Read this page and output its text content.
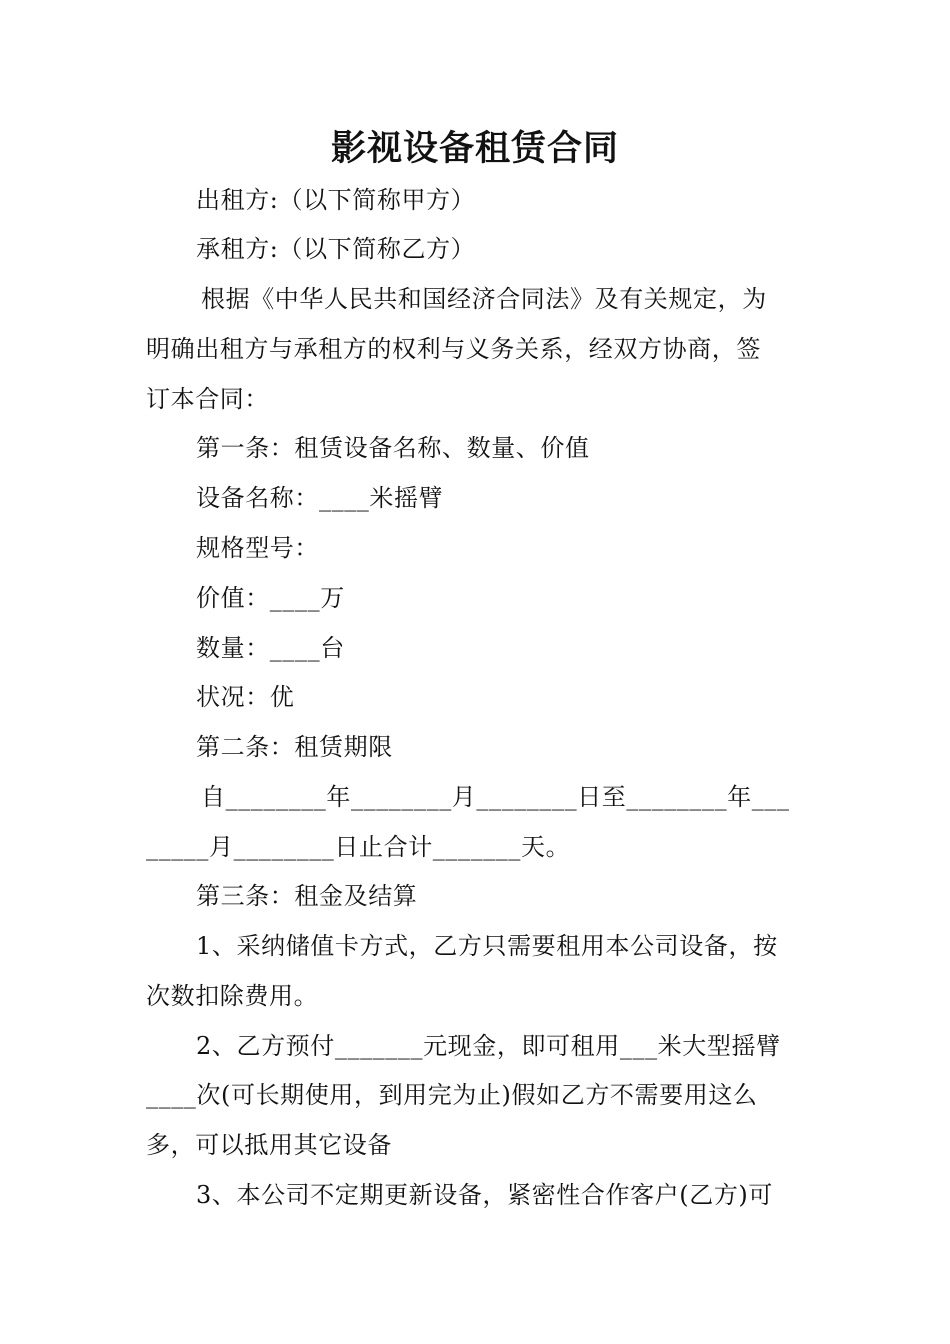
影视设备租赁合同
出租方:（以下简称甲方）
承租方:（以下简称乙方）
根据《中华人民共和国经济合同法》及有关规定，为
明确出租方与承租方的权利与义务关系，经双方协商，签
订本合同：
第一条：租赁设备名称、数量、价值
设备名称：____米摇臂
规格型号：
价值：____万
数量：____台
状况：优
第二条：租赁期限
自________年________月________日至________年___
_____月________日止合计_______天。
第三条：租金及结算
1、采纳储值卡方式，乙方只需要租用本公司设备，按
次数扣除费用。
2、乙方预付_______元现金，即可租用___米大型摇臂
____次(可长期使用，到用完为止)假如乙方不需要用这么
多，可以抵用其它设备
3、本公司不定期更新设备，紧密性合作客户(乙方)可
